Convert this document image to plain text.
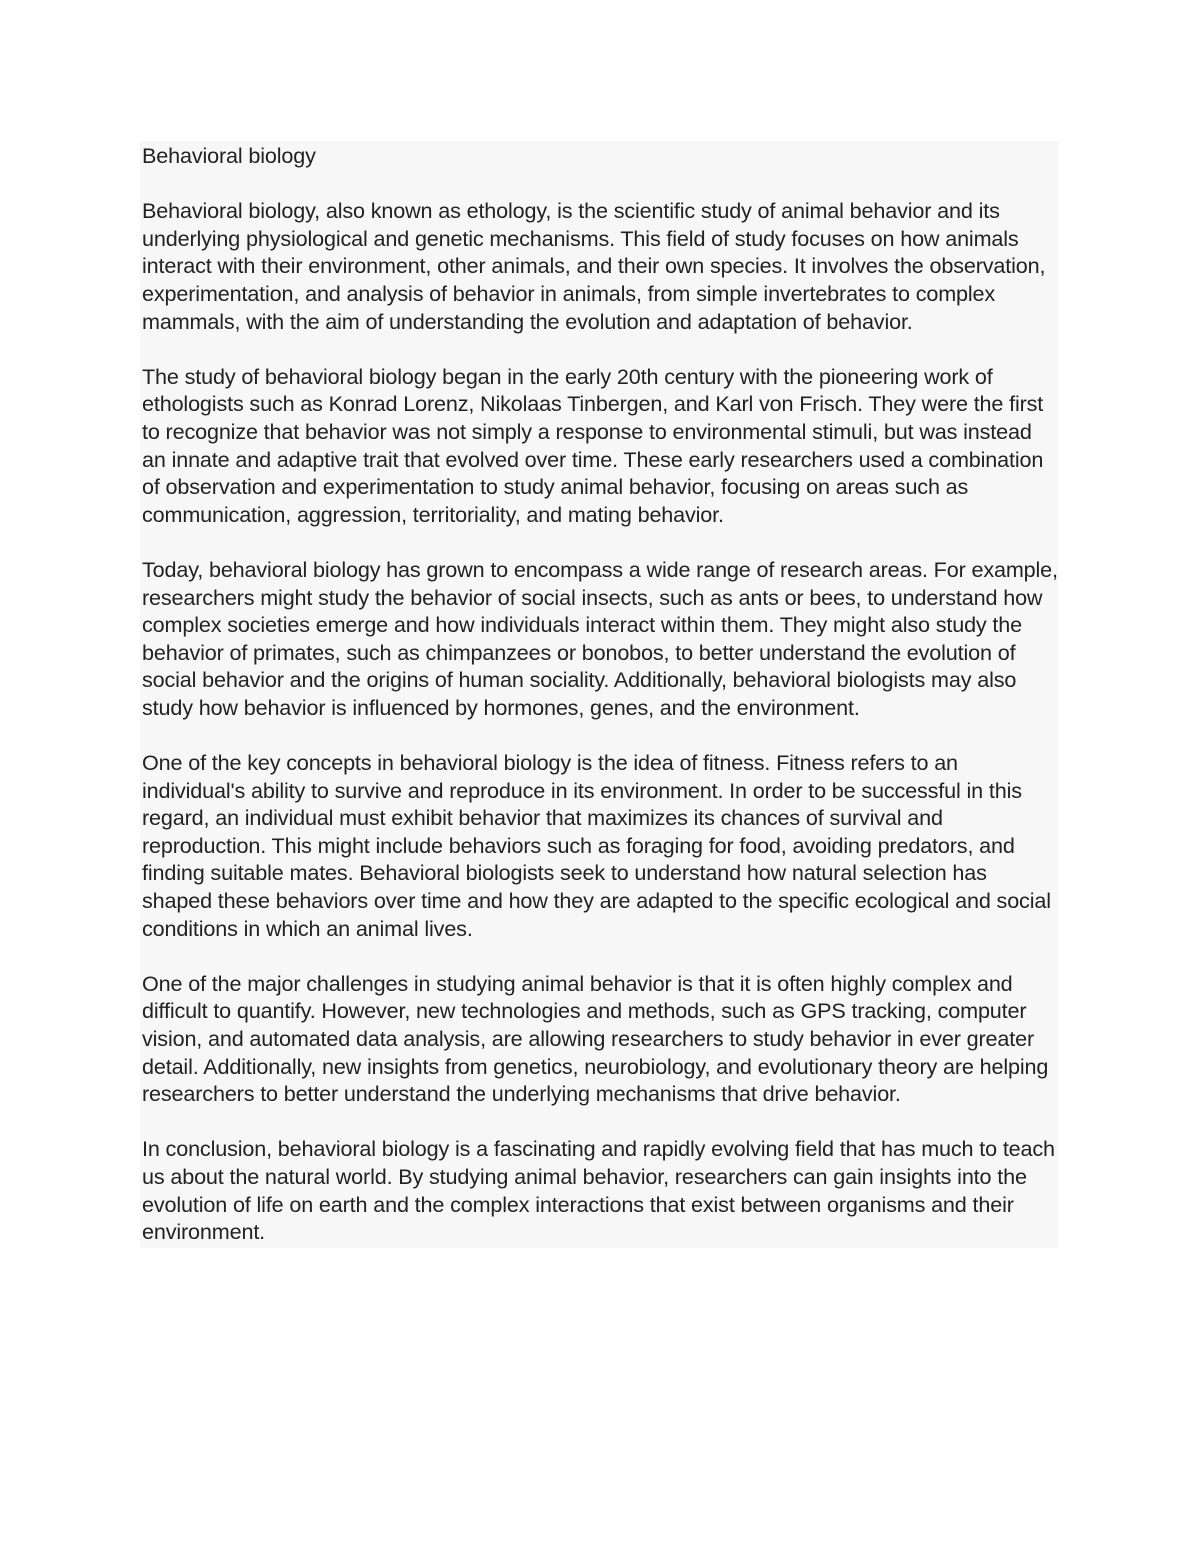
Behavioral biology

Behavioral biology, also known as ethology, is the scientific study of animal behavior and its underlying physiological and genetic mechanisms. This field of study focuses on how animals interact with their environment, other animals, and their own species. It involves the observation, experimentation, and analysis of behavior in animals, from simple invertebrates to complex mammals, with the aim of understanding the evolution and adaptation of behavior.

The study of behavioral biology began in the early 20th century with the pioneering work of ethologists such as Konrad Lorenz, Nikolaas Tinbergen, and Karl von Frisch. They were the first to recognize that behavior was not simply a response to environmental stimuli, but was instead an innate and adaptive trait that evolved over time. These early researchers used a combination of observation and experimentation to study animal behavior, focusing on areas such as communication, aggression, territoriality, and mating behavior.

Today, behavioral biology has grown to encompass a wide range of research areas. For example, researchers might study the behavior of social insects, such as ants or bees, to understand how complex societies emerge and how individuals interact within them. They might also study the behavior of primates, such as chimpanzees or bonobos, to better understand the evolution of social behavior and the origins of human sociality. Additionally, behavioral biologists may also study how behavior is influenced by hormones, genes, and the environment.

One of the key concepts in behavioral biology is the idea of fitness. Fitness refers to an individual's ability to survive and reproduce in its environment. In order to be successful in this regard, an individual must exhibit behavior that maximizes its chances of survival and reproduction. This might include behaviors such as foraging for food, avoiding predators, and finding suitable mates. Behavioral biologists seek to understand how natural selection has shaped these behaviors over time and how they are adapted to the specific ecological and social conditions in which an animal lives.

One of the major challenges in studying animal behavior is that it is often highly complex and difficult to quantify. However, new technologies and methods, such as GPS tracking, computer vision, and automated data analysis, are allowing researchers to study behavior in ever greater detail. Additionally, new insights from genetics, neurobiology, and evolutionary theory are helping researchers to better understand the underlying mechanisms that drive behavior.

In conclusion, behavioral biology is a fascinating and rapidly evolving field that has much to teach us about the natural world. By studying animal behavior, researchers can gain insights into the evolution of life on earth and the complex interactions that exist between organisms and their environment.
